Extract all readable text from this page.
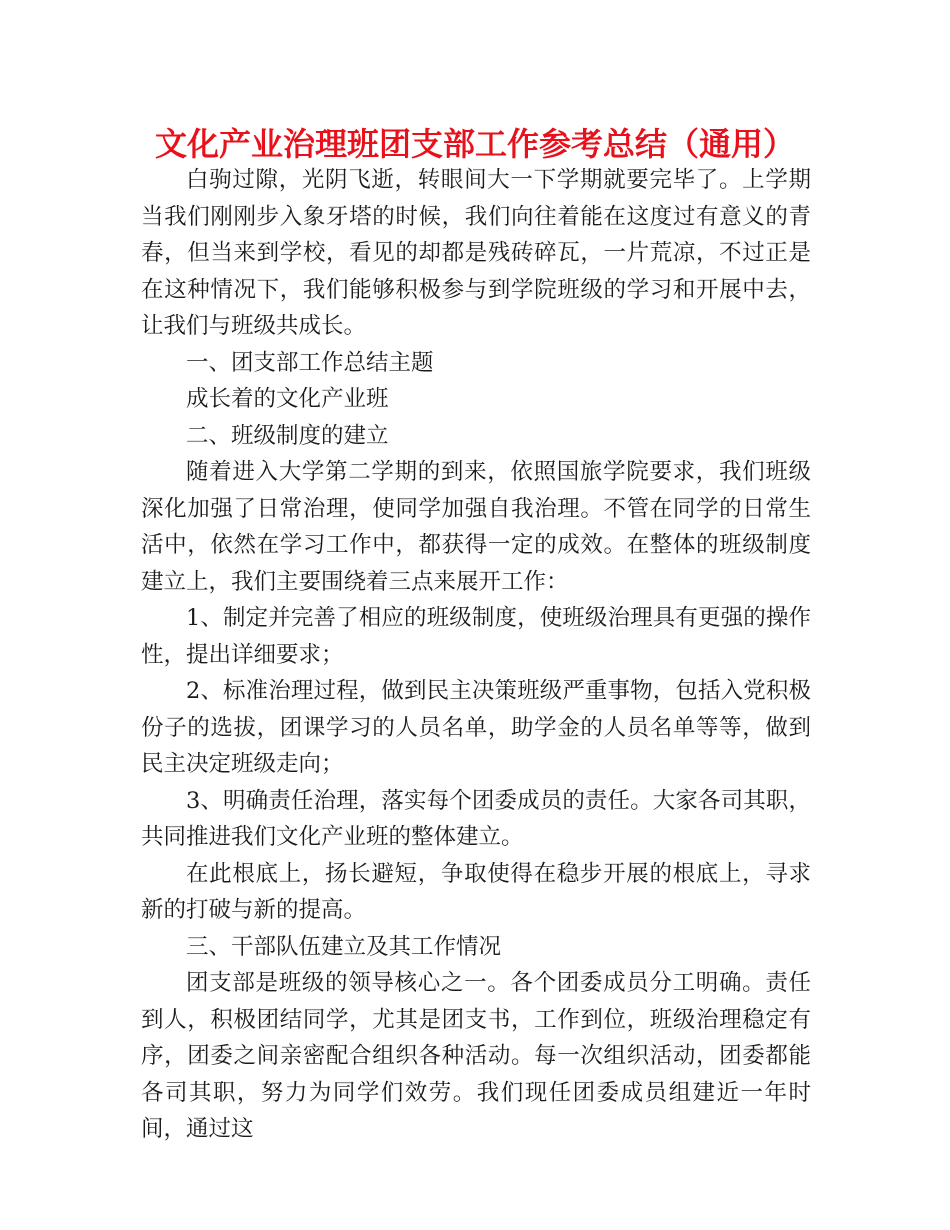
文化产业治理班团支部工作参考总结（通用）

白驹过隙，光阴飞逝，转眼间大一下学期就要完毕了。上学期当我们刚刚步入象牙塔的时候，我们向往着能在这度过有意义的青春，但当来到学校，看见的却都是残砖碎瓦，一片荒凉，不过正是在这种情况下，我们能够积极参与到学院班级的学习和开展中去，让我们与班级共成长。

一、团支部工作总结主题

成长着的文化产业班

二、班级制度的建立

随着进入大学第二学期的到来，依照国旅学院要求，我们班级深化加强了日常治理，使同学加强自我治理。不管在同学的日常生活中，依然在学习工作中，都获得一定的成效。在整体的班级制度建立上，我们主要围绕着三点来展开工作：

1、制定并完善了相应的班级制度，使班级治理具有更强的操作性，提出详细要求；

2、标准治理过程，做到民主决策班级严重事物，包括入党积极份子的选拔，团课学习的人员名单，助学金的人员名单等等，做到民主决定班级走向；

3、明确责任治理，落实每个团委成员的责任。大家各司其职，共同推进我们文化产业班的整体建立。

在此根底上，扬长避短，争取使得在稳步开展的根底上，寻求新的打破与新的提高。

三、干部队伍建立及其工作情况

团支部是班级的领导核心之一。各个团委成员分工明确。责任到人，积极团结同学，尤其是团支书，工作到位，班级治理稳定有序，团委之间亲密配合组织各种活动。每一次组织活动，团委都能各司其职，努力为同学们效劳。我们现任团委成员组建近一年时间，通过这
